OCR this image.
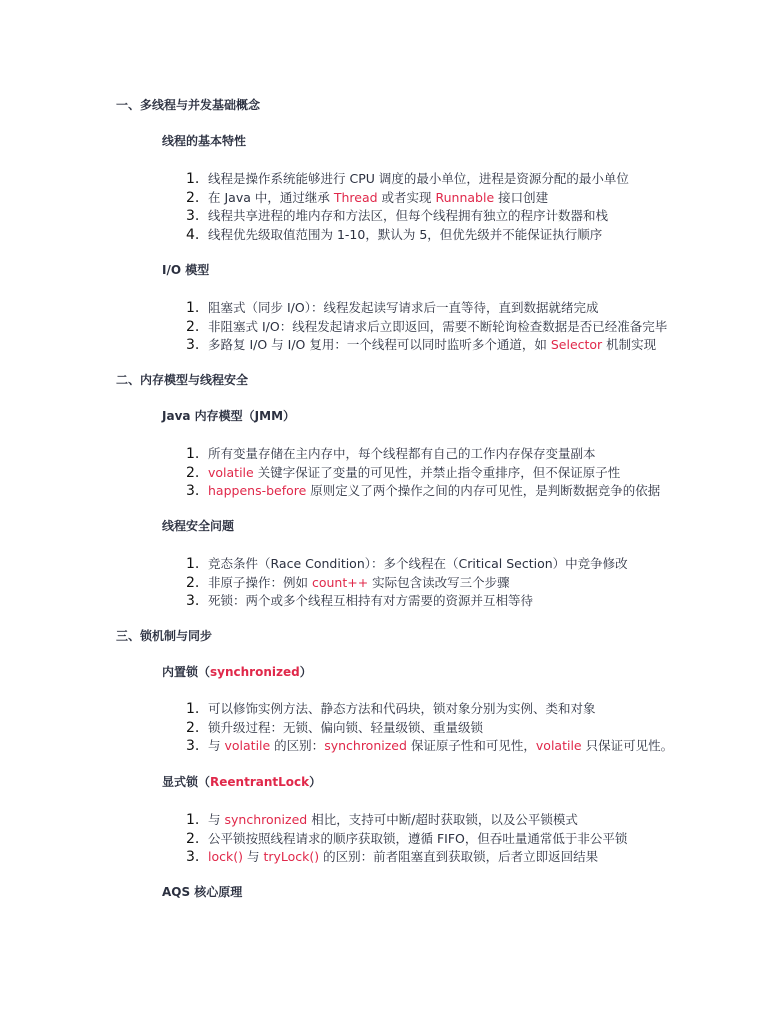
一、多线程与并发基础概念
线程的基本特性
1. 线程是操作系统能够进行 CPU 调度的最小单位，进程是资源分配的最小单位
2. 在 Java 中，通过继承 Thread 或者实现 Runnable 接口创建
3. 线程共享进程的堆内存和方法区，但每个线程拥有独立的程序计数器和栈
4. 线程优先级取值范围为 1-10，默认为 5，但优先级并不能保证执行顺序
I/O 模型
1. 阻塞式（同步 I/O）：线程发起读写请求后一直等待，直到数据就绪完成
2. 非阻塞式 I/O：线程发起请求后立即返回，需要不断轮询检查数据是否已经准备完毕
3. 多路复 I/O 与 I/O 复用：一个线程可以同时监听多个通道，如 Selector 机制实现
二、内存模型与线程安全
Java 内存模型（JMM）
1. 所有变量存储在主内存中，每个线程都有自己的工作内存保存变量副本
2. volatile 关键字保证了变量的可见性，并禁止指令重排序，但不保证原子性
3. happens-before 原则定义了两个操作之间的内存可见性，是判断数据竞争的依据
线程安全问题
1. 竞态条件（Race Condition）：多个线程在（Critical Section）中竞争修改
2. 非原子操作：例如 count++ 实际包含读改写三个步骤
3. 死锁：两个或多个线程互相持有对方需要的资源并互相等待
三、锁机制与同步
内置锁（synchronized）
1. 可以修饰实例方法、静态方法和代码块，锁对象分别为实例、类和对象
2. 锁升级过程：无锁、偏向锁、轻量级锁、重量级锁
3. 与 volatile 的区别：synchronized 保证原子性和可见性，volatile 只保证可见性。
显式锁（ReentrantLock）
1. 与 synchronized 相比，支持可中断/超时获取锁，以及公平锁模式
2. 公平锁按照线程请求的顺序获取锁，遵循 FIFO，但吞吐量通常低于非公平锁
3. lock() 与 tryLock() 的区别：前者阻塞直到获取锁，后者立即返回结果
AQS 核心原理
